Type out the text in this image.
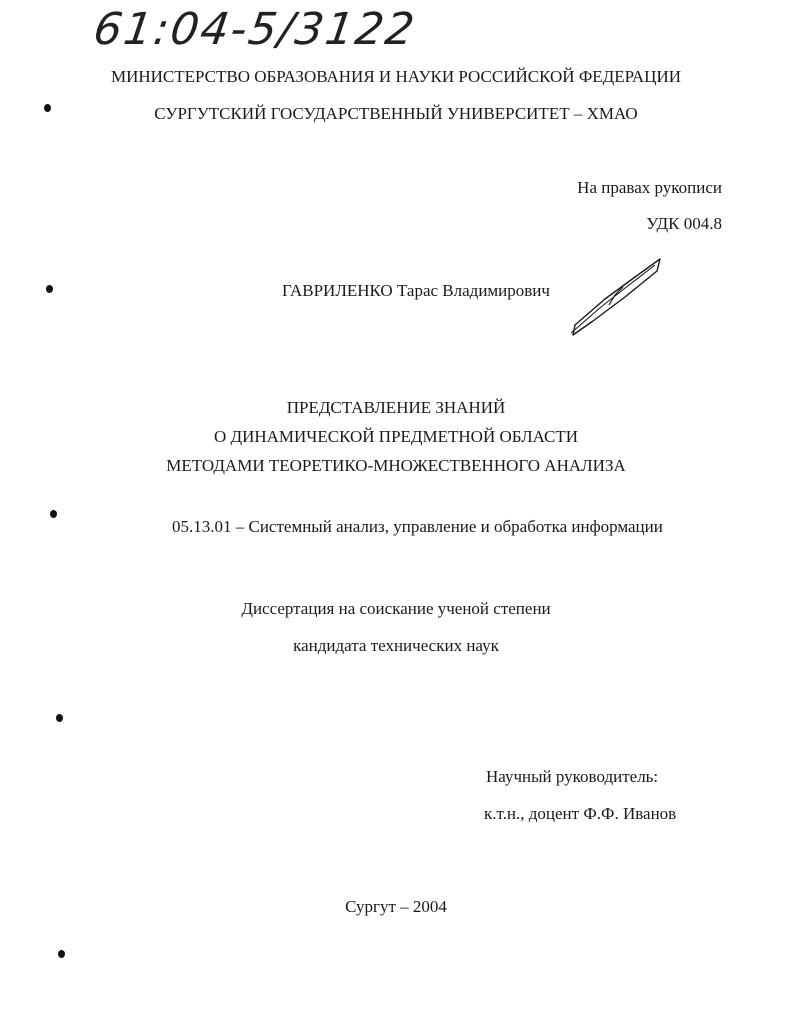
61:04-5/3122
МИНИСТЕРСТВО ОБРАЗОВАНИЯ И НАУКИ РОССИЙСКОЙ ФЕДЕРАЦИИ
СУРГУТСКИЙ ГОСУДАРСТВЕННЫЙ УНИВЕРСИТЕТ – ХМАО
На правах рукописи
УДК 004.8
ГАВРИЛЕНКО Тарас Владимирович
ПРЕДСТАВЛЕНИЕ ЗНАНИЙ
О ДИНАМИЧЕСКОЙ ПРЕДМЕТНОЙ ОБЛАСТИ
МЕТОДАМИ ТЕОРЕТИКО-МНОЖЕСТВЕННОГО АНАЛИЗА
05.13.01 – Системный анализ, управление и обработка информации
Диссертация на соискание ученой степени
кандидата технических наук
Научный руководитель:
к.т.н., доцент Ф.Ф. Иванов
Сургут – 2004
